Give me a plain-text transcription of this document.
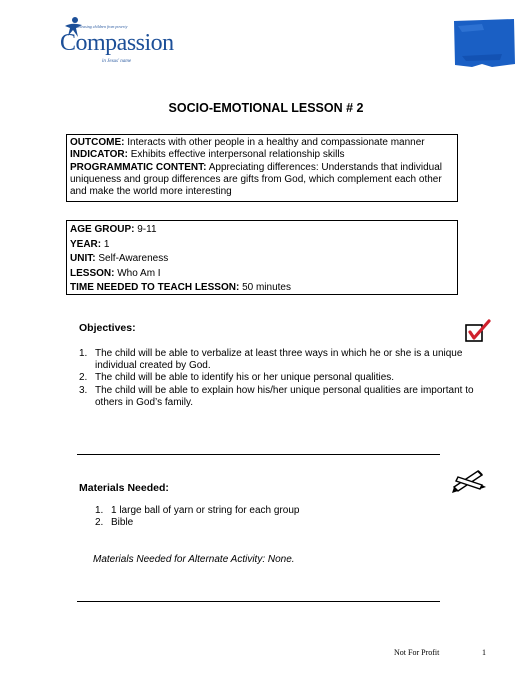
Releasing children from poverty
Compassion
in Jesus' name
SOCIO-EMOTIONAL LESSON # 2
OUTCOME: Interacts with other people in a healthy and compassionate manner
INDICATOR: Exhibits effective interpersonal relationship skills
PROGRAMMATIC CONTENT: Appreciating differences: Understands that individual uniqueness and group differences are gifts from God, which complement each other and make the world more interesting
AGE GROUP: 9-11
YEAR: 1
UNIT: Self-Awareness
LESSON: Who Am I
TIME NEEDED TO TEACH LESSON: 50 minutes
Objectives:
1. The child will be able to verbalize at least three ways in which he or she is a unique individual created by God.
2. The child will be able to identify his or her unique personal qualities.
3. The child will be able to explain how his/her unique personal qualities are important to others in God’s family.
Materials Needed:
1. 1 large ball of yarn or string for each group
2. Bible
Materials Needed for Alternate Activity: None.
Not For Profit	1
